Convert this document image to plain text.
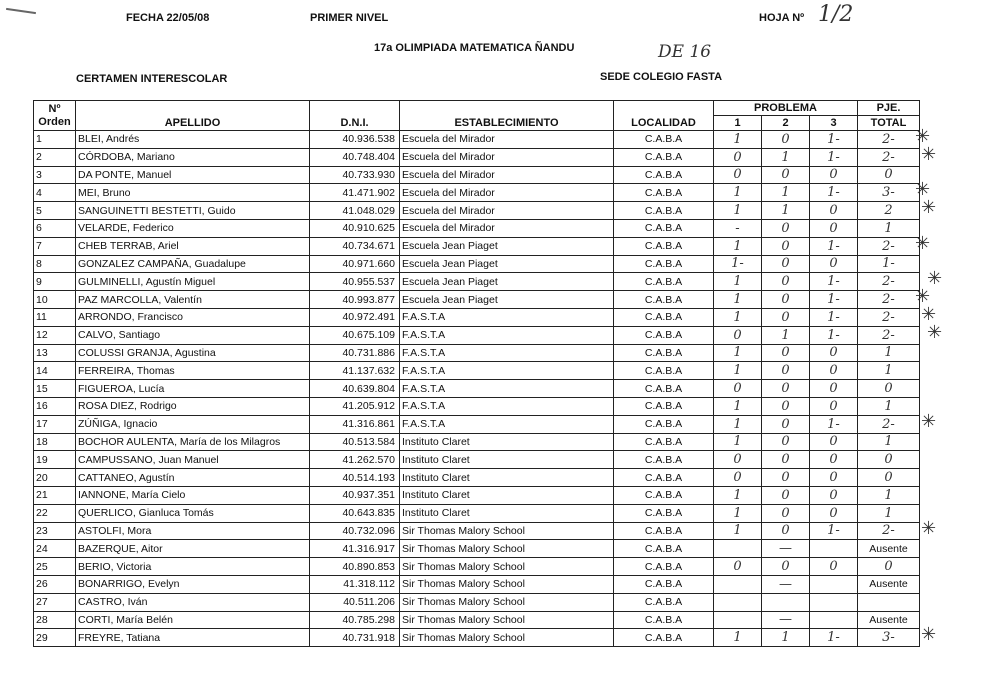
FECHA 22/05/08	PRIMER NIVEL	HOJA Nº 1/2
17a OLIMPIADA MATEMATICA ÑANDU	DE 16
CERTAMEN INTERESCOLAR	SEDE COLEGIO FASTA
Nº
Orden	APELLIDO	D.N.I.	ESTABLECIMIENTO	LOCALIDAD	PROBLEMA			PJE.
					1	2	3	TOTAL
1	BLEI, Andrés	40.936.538	Escuela del Mirador	C.A.B.A	1	0	1-	2-
2	CÓRDOBA, Mariano	40.748.404	Escuela del Mirador	C.A.B.A	0	1	1-	2-
3	DA PONTE, Manuel	40.733.930	Escuela del Mirador	C.A.B.A	0	0	0	0
4	MEI, Bruno	41.471.902	Escuela del Mirador	C.A.B.A	1	1	1-	3-
5	SANGUINETTI BESTETTI, Guido	41.048.029	Escuela del Mirador	C.A.B.A	1	1	0	2
6	VELARDE, Federico	40.910.625	Escuela del Mirador	C.A.B.A	-	0	0	1
7	CHEB TERRAB, Ariel	40.734.671	Escuela Jean Piaget	C.A.B.A	1	0	1-	2-
8	GONZALEZ CAMPAÑA, Guadalupe	40.971.660	Escuela Jean Piaget	C.A.B.A	1-	0	0	1-
9	GULMINELLI, Agustín Miguel	40.955.537	Escuela Jean Piaget	C.A.B.A	1	0	1-	2-
10	PAZ MARCOLLA, Valentín	40.993.877	Escuela Jean Piaget	C.A.B.A	1	0	1-	2-
11	ARRONDO, Francisco	40.972.491	F.A.S.T.A	C.A.B.A	1	0	1-	2-
12	CALVO, Santiago	40.675.109	F.A.S.T.A	C.A.B.A	0	1	1-	2-
13	COLUSSI GRANJA, Agustina	40.731.886	F.A.S.T.A	C.A.B.A	1	0	0	1
14	FERREIRA, Thomas	41.137.632	F.A.S.T.A	C.A.B.A	1	0	0	1
15	FIGUEROA, Lucía	40.639.804	F.A.S.T.A	C.A.B.A	0	0	0	0
16	ROSA DIEZ, Rodrigo	41.205.912	F.A.S.T.A	C.A.B.A	1	0	0	1
17	ZÚÑIGA, Ignacio	41.316.861	F.A.S.T.A	C.A.B.A	1	0	1-	2-
18	BOCHOR AULENTA, María de los Milagros	40.513.584	Instituto Claret	C.A.B.A	1	0	0	1
19	CAMPUSSANO, Juan Manuel	41.262.570	Instituto Claret	C.A.B.A	0	0	0	0
20	CATTANEO, Agustín	40.514.193	Instituto Claret	C.A.B.A	0	0	0	0
21	IANNONE, María Cielo	40.937.351	Instituto Claret	C.A.B.A	1	0	0	1
22	QUERLICO, Gianluca Tomás	40.643.835	Instituto Claret	C.A.B.A	1	0	0	1
23	ASTOLFI, Mora	40.732.096	Sir Thomas Malory School	C.A.B.A	1	0	1-	2-
24	BAZERQUE, Aitor	41.316.917	Sir Thomas Malory School	C.A.B.A		—		Ausente
25	BERIO, Victoria	40.890.853	Sir Thomas Malory School	C.A.B.A	0	0	0	0
26	BONARRIGO, Evelyn	41.318.112	Sir Thomas Malory School	C.A.B.A		—		Ausente
27	CASTRO, Iván	40.511.206	Sir Thomas Malory School	C.A.B.A				
28	CORTI, María Belén	40.785.298	Sir Thomas Malory School	C.A.B.A		—		Ausente
29	FREYRE, Tatiana	40.731.918	Sir Thomas Malory School	C.A.B.A	1	1	1-	3-
✳
✳
✳
✳
✳
✳
✳
✳
✳
✳
✳
✳
